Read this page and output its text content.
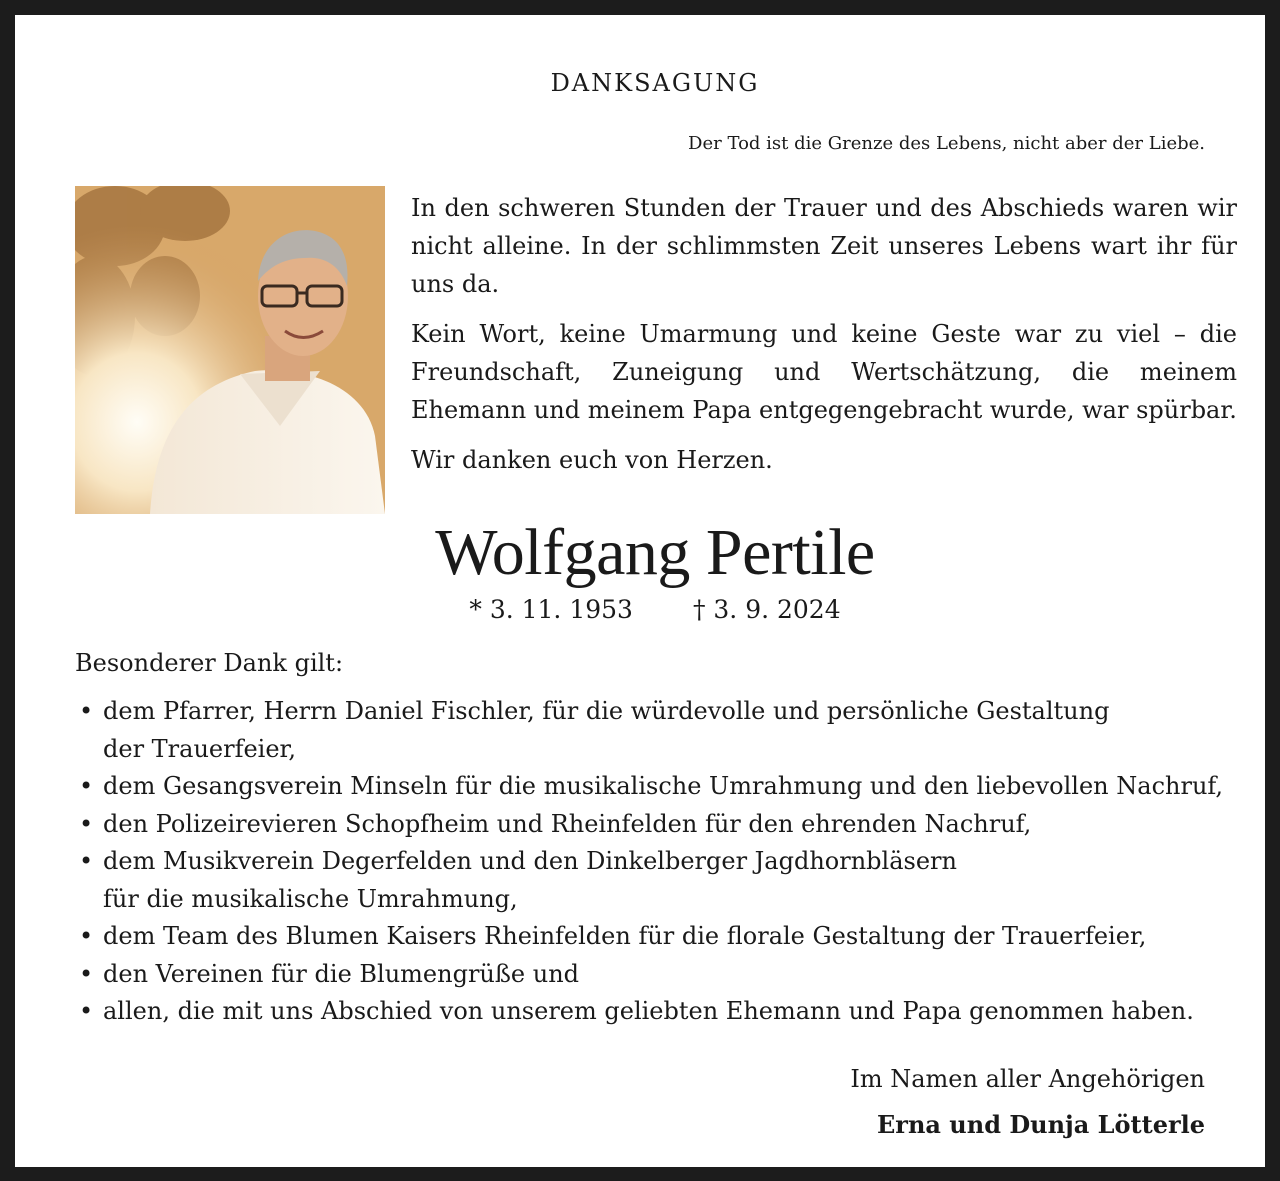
DANKSAGUNG
Der Tod ist die Grenze des Lebens, nicht aber der Liebe.

In den schweren Stunden der Trauer und des Abschieds waren wir nicht alleine. In der schlimmsten Zeit unseres Lebens wart ihr für uns da.

Kein Wort, keine Umarmung und keine Geste war zu viel – die Freundschaft, Zuneigung und Wertschätzung, die meinem Ehemann und meinem Papa entgegengebracht wurde, war spürbar.

Wir danken euch von Herzen.

Wolfgang Pertile
* 3. 11. 1953 † 3. 9. 2024
Besonderer Dank gilt:
• dem Pfarrer, Herrn Daniel Fischler, für die würdevolle und persönliche Gestaltung
der Trauerfeier,
• dem Gesangsverein Minseln für die musikalische Umrahmung und den liebevollen Nachruf,
• den Polizeirevieren Schopfheim und Rheinfelden für den ehrenden Nachruf,
• dem Musikverein Degerfelden und den Dinkelberger Jagdhornbläsern
für die musikalische Umrahmung,
• dem Team des Blumen Kaisers Rheinfelden für die florale Gestaltung der Trauerfeier,
• den Vereinen für die Blumengrüße und
• allen, die mit uns Abschied von unserem geliebten Ehemann und Papa genommen haben.
Im Namen aller Angehörigen
Erna und Dunja Lötterle
